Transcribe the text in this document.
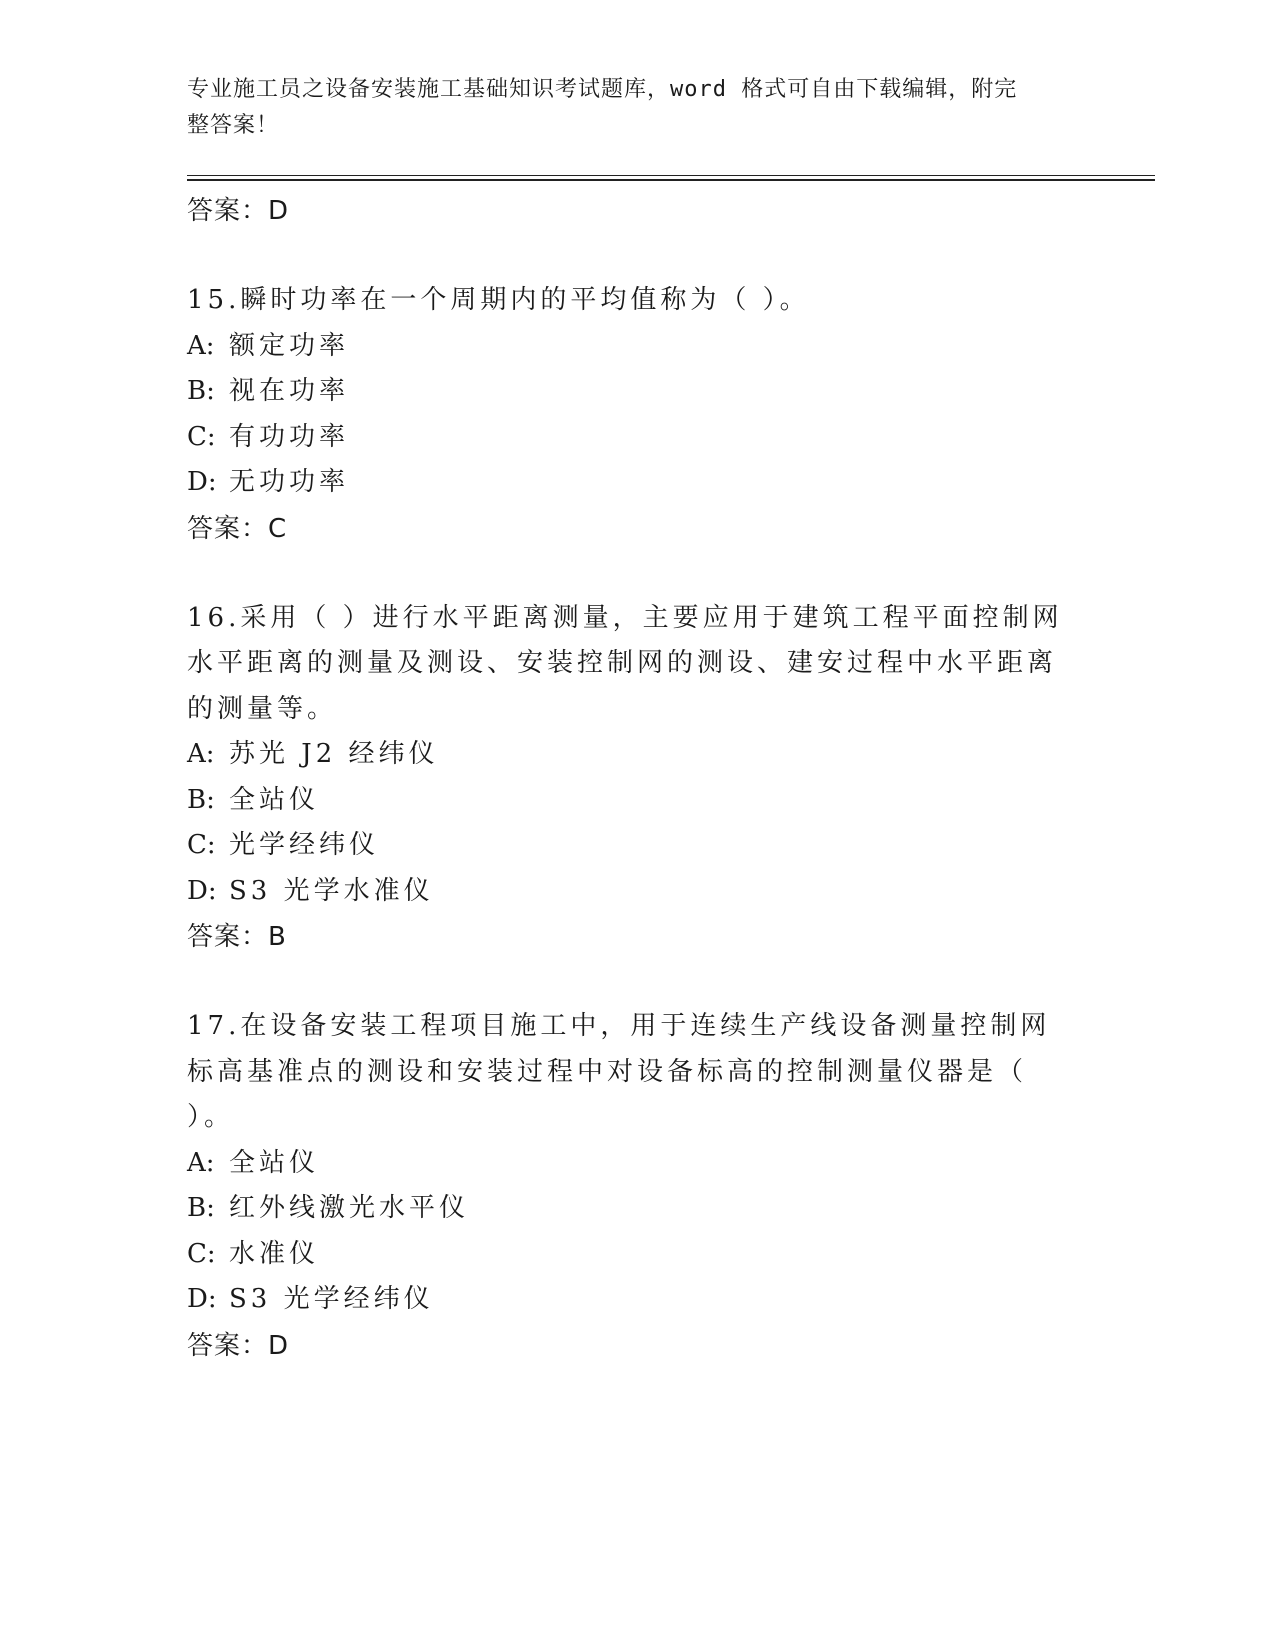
专业施工员之设备安装施工基础知识考试题库，word 格式可自由下载编辑，附完
整答案！
答案：D
15.瞬时功率在一个周期内的平均值称为（ ）。
A: 额定功率
B: 视在功率
C: 有功功率
D: 无功功率
答案：C
16.采用（ ）进行水平距离测量，主要应用于建筑工程平面控制网水平距离的测量及测设、安装控制网的测设、建安过程中水平距离的测量等。
A: 苏光 J2 经纬仪
B: 全站仪
C: 光学经纬仪
D: S3 光学水准仪
答案：B
17.在设备安装工程项目施工中，用于连续生产线设备测量控制网标高基准点的测设和安装过程中对设备标高的控制测量仪器是（ ）。
A: 全站仪
B: 红外线激光水平仪
C: 水准仪
D: S3 光学经纬仪
答案：D
